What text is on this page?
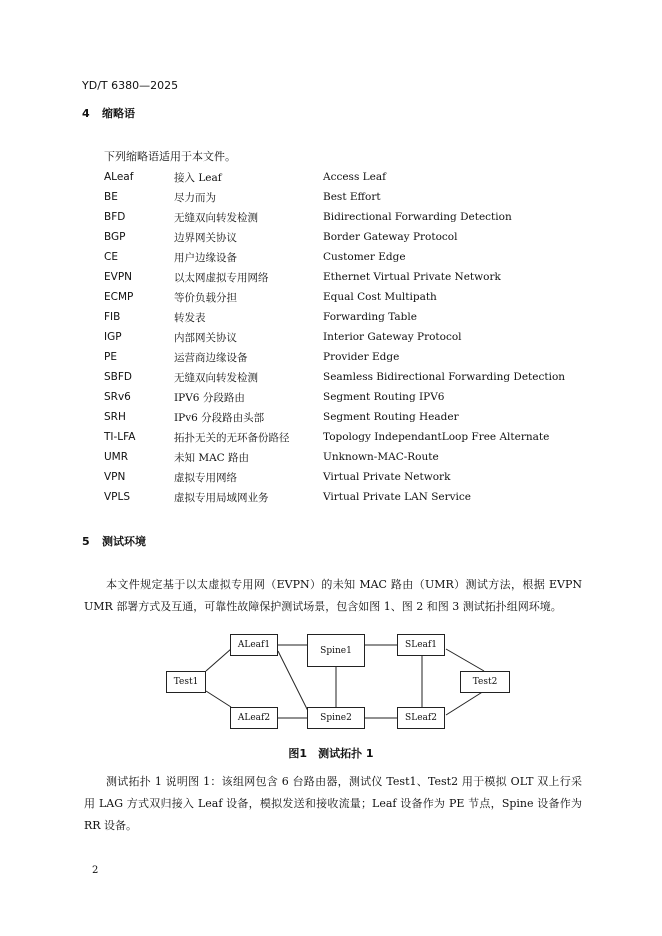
YD/T 6380—2025
4 缩略语
下列缩略语适用于本文件。
ALeaf	接入 Leaf	Access Leaf
BE	尽力而为	Best Effort
BFD	无缝双向转发检测	Bidirectional Forwarding Detection
BGP	边界网关协议	Border Gateway Protocol
CE	用户边缘设备	Customer Edge
EVPN	以太网虚拟专用网络	Ethernet Virtual Private Network
ECMP	等价负载分担	Equal Cost Multipath
FIB	转发表	Forwarding Table
IGP	内部网关协议	Interior Gateway Protocol
PE	运营商边缘设备	Provider Edge
SBFD	无缝双向转发检测	Seamless Bidirectional Forwarding Detection
SRv6	IPV6 分段路由	Segment Routing IPV6
SRH	IPv6 分段路由头部	Segment Routing Header
TI-LFA	拓扑无关的无环备份路径	Topology IndependantLoop Free Alternate
UMR	未知 MAC 路由	Unknown-MAC-Route
VPN	虚拟专用网络	Virtual Private Network
VPLS	虚拟专用局域网业务	Virtual Private LAN Service
5 测试环境

本文件规定基于以太虚拟专用网（EVPN）的未知 MAC 路由（UMR）测试方法，根据 EVPN UMR 部署方式及互通，可靠性故障保护测试场景，包含如图 1、图 2 和图 3 测试拓扑组网环境。

ALeaf1
Spine1
SLeaf1
Test1	Test2
ALeaf2	Spine2	SLeaf2
图1　测试拓扑 1

测试拓扑 1 说明图 1：该组网包含 6 台路由器，测试仪 Test1、Test2 用于模拟 OLT 双上行采用 LAG 方式双归接入 Leaf 设备，模拟发送和接收流量；Leaf 设备作为 PE 节点，Spine 设备作为 RR 设备。

2
